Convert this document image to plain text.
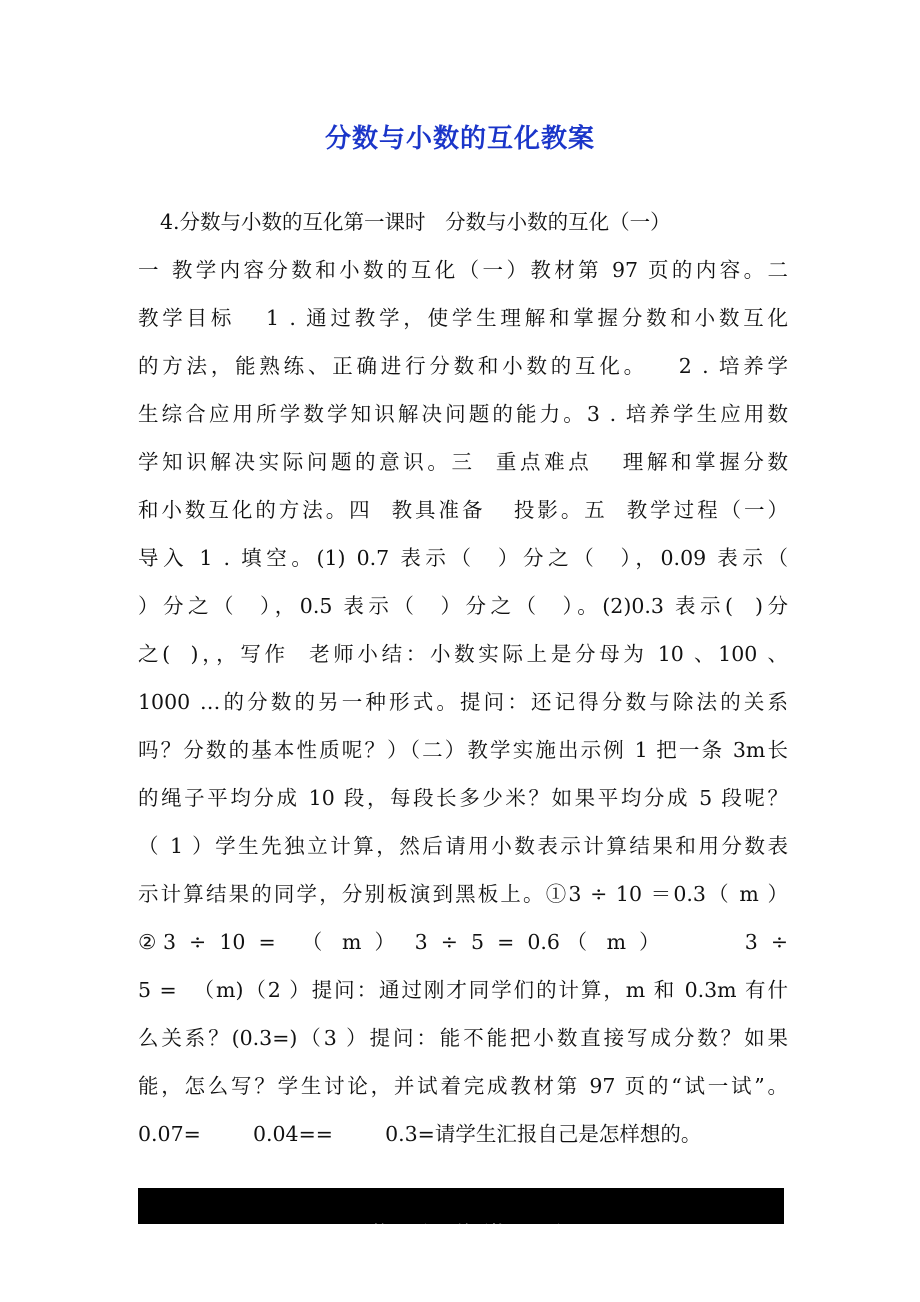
分数与小数的互化教案
4.分数与小数的互化第一课时   分数与小数的互化（一）
一 教学内容分数和小数的互化（一）教材第 97 页的内容。二
教学目标   1 . 通过教学，使学生理解和掌握分数和小数互化
的方法，能熟练、正确进行分数和小数的互化。   2 . 培养学
生综合应用所学数学知识解决问题的能力。3 . 培养学生应用数
学知识解决实际问题的意识。三  重点难点   理解和掌握分数
和小数互化的方法。四  教具准备   投影。五  教学过程（一）
导入 1 . 填空。(1) 0.7 表示（  ）分之（  ），0.09 表示（
）分之（  ），0.5 表示（  ）分之（  ）。(2)0.3 表示(  )分
之(  )，，写作  老师小结：小数实际上是分母为 10 、100 、
1000 …的分数的另一种形式。提问：还记得分数与除法的关系
吗？分数的基本性质呢？）（二）教学实施出示例 1 把一条 3m长
的绳子平均分成 10 段，每段长多少米？如果平均分成 5 段呢？
（ 1 ）学生先独立计算，然后请用小数表示计算结果和用分数表
示计算结果的同学，分别板演到黑板上。①3 ÷ 10 ＝0.3（ m ）
②3 ÷ 10 =  （ m ） 3 ÷ 5 = 0.6（ m ）      3 ÷
5 =  （m)（2 ）提问：通过刚才同学们的计算，m 和 0.3m 有什
么关系？(0.3=)（3 ）提问：能不能把小数直接写成分数？如果
能，怎么写？学生讨论，并试着完成教材第 97 页的“试一试”。
0.07=        0.04==        0.3=请学生汇报自己是怎样想的。

第 1 页  /  总页数 19  页
